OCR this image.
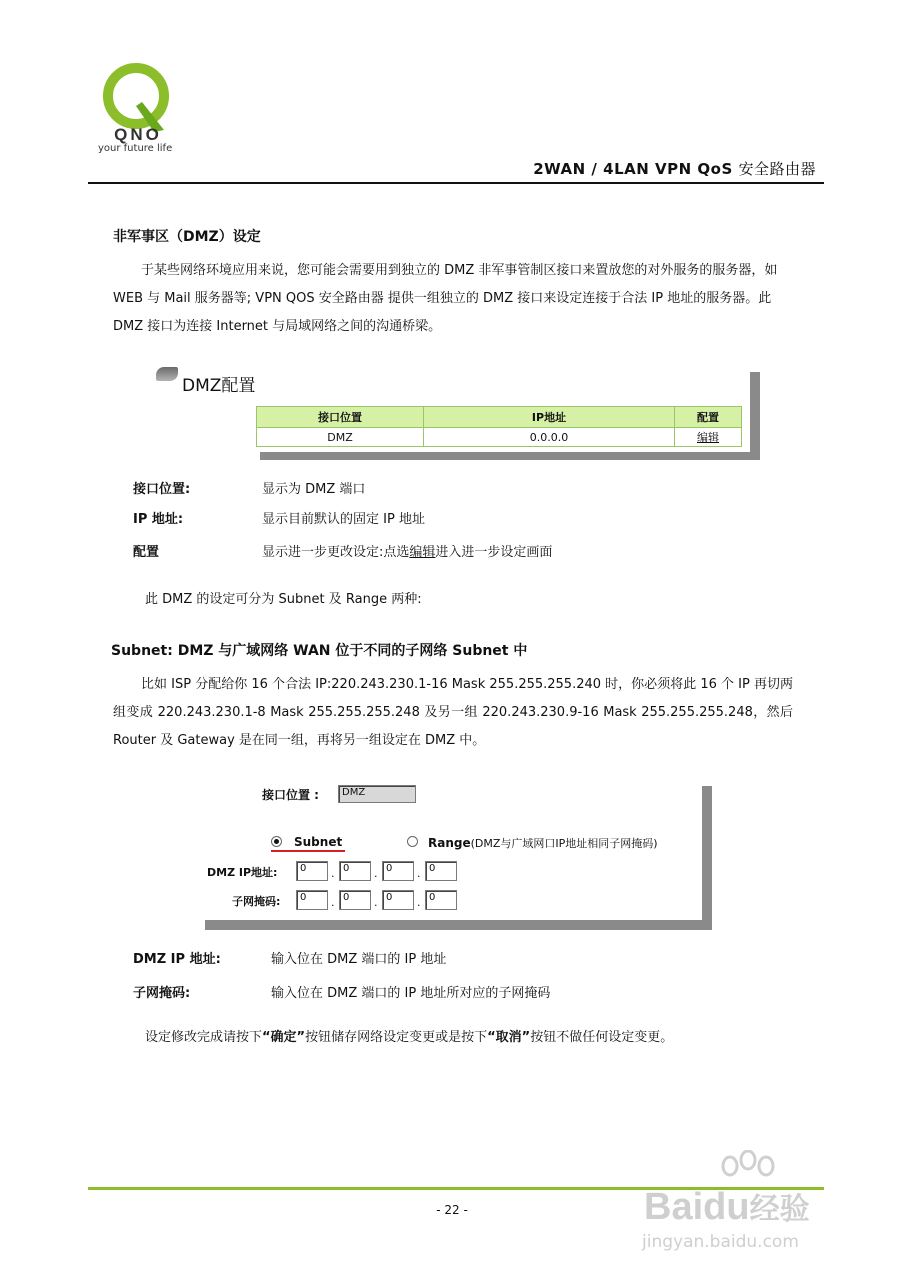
QNO
your future life
2WAN / 4LAN VPN QoS 安全路由器
非军事区（DMZ）设定
于某些网络环境应用来说，您可能会需要用到独立的 DMZ 非军事管制区接口来置放您的对外服务的服务器，如 WEB 与 Mail 服务器等; VPN QOS 安全路由器 提供一组独立的 DMZ 接口来设定连接于合法 IP 地址的服务器。此 DMZ 接口为连接 Internet 与局域网络之间的沟通桥梁。
DMZ配置
接口位置	IP地址	配置
DMZ	0.0.0.0	编辑
接口位置:	显示为 DMZ 端口
IP 地址:	显示目前默认的固定 IP 地址
配置	显示进一步更改设定:点选编辑进入进一步设定画面
此 DMZ 的设定可分为 Subnet 及 Range 两种:
Subnet: DMZ 与广域网络 WAN 位于不同的子网络 Subnet 中
比如 ISP 分配给你 16 个合法 IP:220.243.230.1-16 Mask 255.255.255.240 时，你必须将此 16 个 IP 再切两组变成 220.243.230.1-8 Mask 255.255.255.248 及另一组 220.243.230.9-16 Mask 255.255.255.248，然后 Router 及 Gateway 是在同一组，再将另一组设定在 DMZ 中。
接口位置 :	DMZ
Subnet	Range(DMZ与广域网口IP地址相同子网掩码)
DMZ IP地址:	0	. 0	. 0	. 0
子网掩码:	0	. 0	. 0	. 0
DMZ IP 地址:	输入位在 DMZ 端口的 IP 地址
子网掩码:	输入位在 DMZ 端口的 IP 地址所对应的子网掩码
设定修改完成请按下“确定”按钮储存网络设定变更或是按下“取消”按钮不做任何设定变更。
- 22 -	Baidu经验
jingyan.baidu.com
